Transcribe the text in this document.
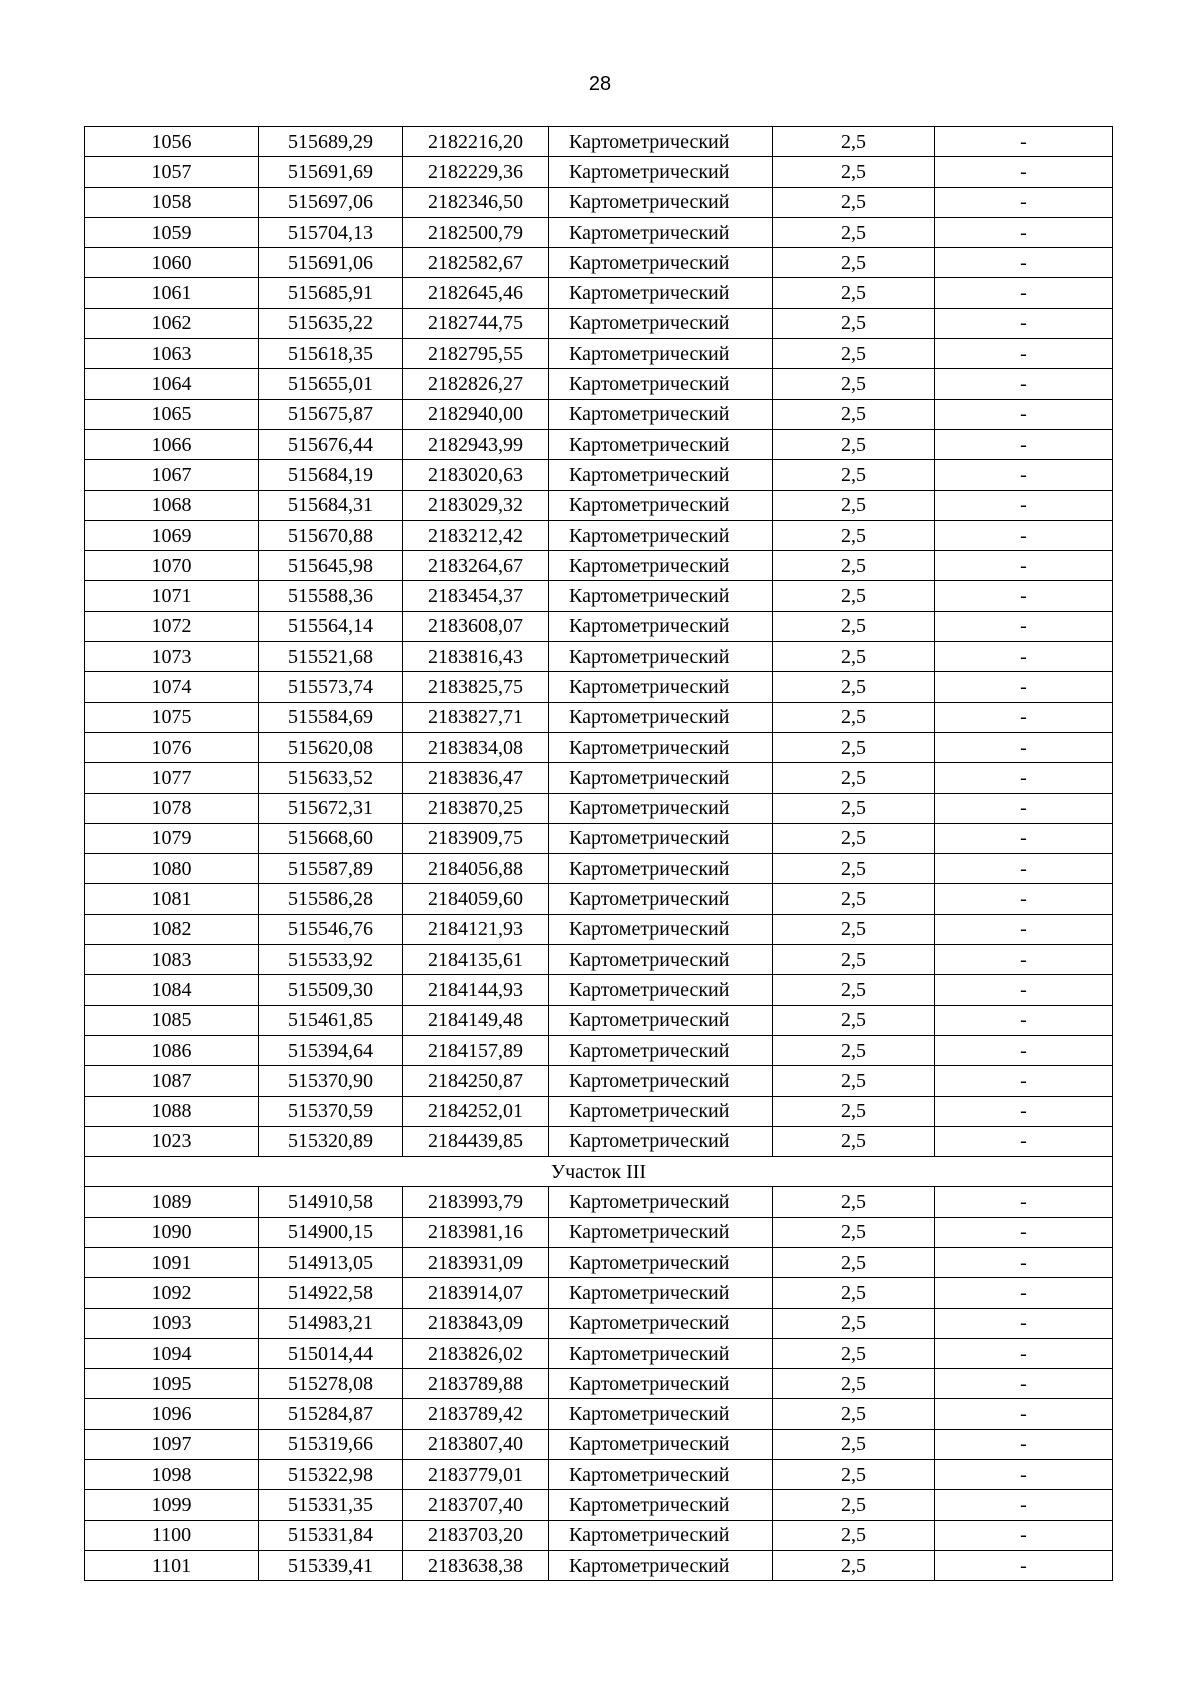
28
1056	515689,29	2182216,20	Картометрический	2,5	-
1057	515691,69	2182229,36	Картометрический	2,5	-
1058	515697,06	2182346,50	Картометрический	2,5	-
1059	515704,13	2182500,79	Картометрический	2,5	-
1060	515691,06	2182582,67	Картометрический	2,5	-
1061	515685,91	2182645,46	Картометрический	2,5	-
1062	515635,22	2182744,75	Картометрический	2,5	-
1063	515618,35	2182795,55	Картометрический	2,5	-
1064	515655,01	2182826,27	Картометрический	2,5	-
1065	515675,87	2182940,00	Картометрический	2,5	-
1066	515676,44	2182943,99	Картометрический	2,5	-
1067	515684,19	2183020,63	Картометрический	2,5	-
1068	515684,31	2183029,32	Картометрический	2,5	-
1069	515670,88	2183212,42	Картометрический	2,5	-
1070	515645,98	2183264,67	Картометрический	2,5	-
1071	515588,36	2183454,37	Картометрический	2,5	-
1072	515564,14	2183608,07	Картометрический	2,5	-
1073	515521,68	2183816,43	Картометрический	2,5	-
1074	515573,74	2183825,75	Картометрический	2,5	-
1075	515584,69	2183827,71	Картометрический	2,5	-
1076	515620,08	2183834,08	Картометрический	2,5	-
1077	515633,52	2183836,47	Картометрический	2,5	-
1078	515672,31	2183870,25	Картометрический	2,5	-
1079	515668,60	2183909,75	Картометрический	2,5	-
1080	515587,89	2184056,88	Картометрический	2,5	-
1081	515586,28	2184059,60	Картометрический	2,5	-
1082	515546,76	2184121,93	Картометрический	2,5	-
1083	515533,92	2184135,61	Картометрический	2,5	-
1084	515509,30	2184144,93	Картометрический	2,5	-
1085	515461,85	2184149,48	Картометрический	2,5	-
1086	515394,64	2184157,89	Картометрический	2,5	-
1087	515370,90	2184250,87	Картометрический	2,5	-
1088	515370,59	2184252,01	Картометрический	2,5	-
1023	515320,89	2184439,85	Картометрический	2,5	-
Участок III					
1089	514910,58	2183993,79	Картометрический	2,5	-
1090	514900,15	2183981,16	Картометрический	2,5	-
1091	514913,05	2183931,09	Картометрический	2,5	-
1092	514922,58	2183914,07	Картометрический	2,5	-
1093	514983,21	2183843,09	Картометрический	2,5	-
1094	515014,44	2183826,02	Картометрический	2,5	-
1095	515278,08	2183789,88	Картометрический	2,5	-
1096	515284,87	2183789,42	Картометрический	2,5	-
1097	515319,66	2183807,40	Картометрический	2,5	-
1098	515322,98	2183779,01	Картометрический	2,5	-
1099	515331,35	2183707,40	Картометрический	2,5	-
1100	515331,84	2183703,20	Картометрический	2,5	-
1101	515339,41	2183638,38	Картометрический	2,5	-
